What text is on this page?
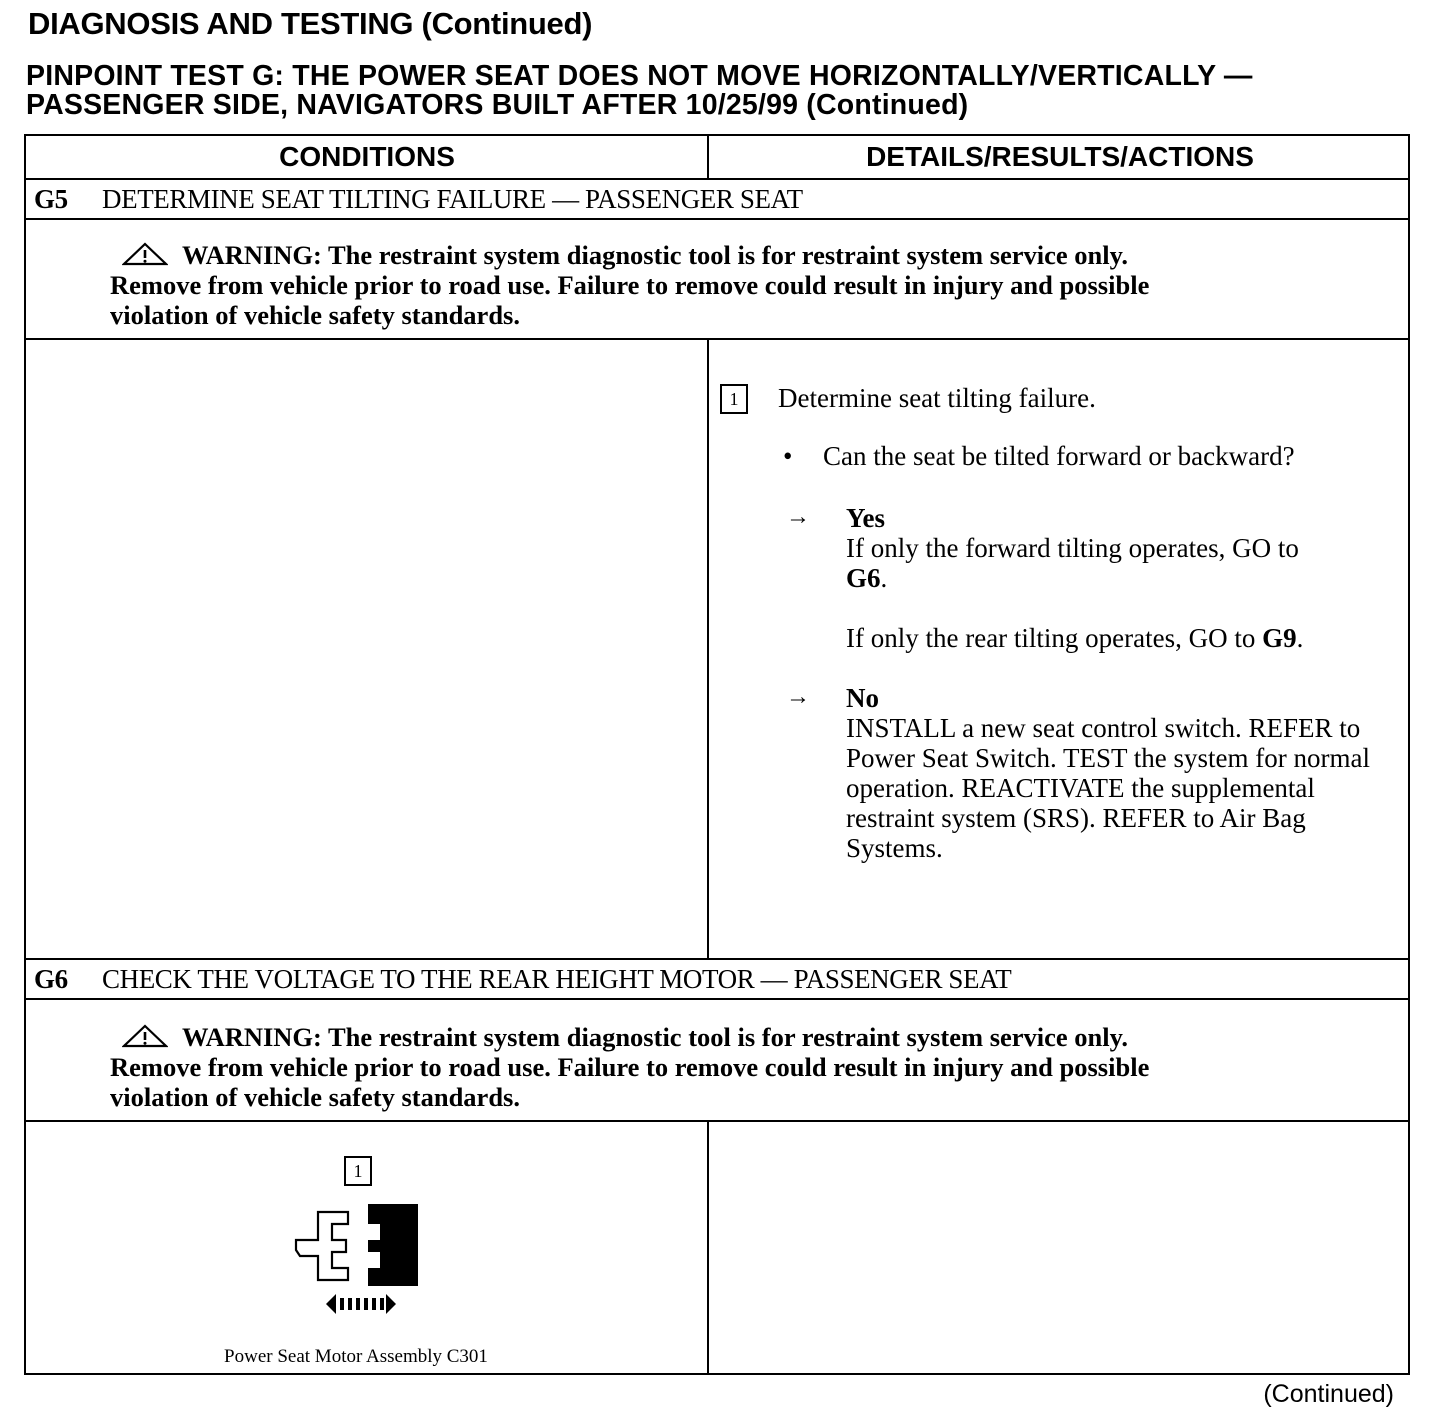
DIAGNOSIS AND TESTING (Continued)
PINPOINT TEST G: THE POWER SEAT DOES NOT MOVE HORIZONTALLY/VERTICALLY —
PASSENGER SIDE, NAVIGATORS BUILT AFTER 10/25/99 (Continued)
CONDITIONS	DETAILS/RESULTS/ACTIONS
G5 DETERMINE SEAT TILTING FAILURE — PASSENGER SEAT
WARNING: The restraint system diagnostic tool is for restraint system service only.
Remove from vehicle prior to road use. Failure to remove could result in injury and possible
violation of vehicle safety standards.
1 Determine seat tilting failure.
• Can the seat be tilted forward or backward?
→ Yes
If only the forward tilting operates, GO to
G6.

If only the rear tilting operates, GO to G9.
→ No
INSTALL a new seat control switch. REFER to Power Seat Switch. TEST the system for normal operation. REACTIVATE the supplemental restraint system (SRS). REFER to Air Bag Systems.
G6 CHECK THE VOLTAGE TO THE REAR HEIGHT MOTOR — PASSENGER SEAT
WARNING: The restraint system diagnostic tool is for restraint system service only.
Remove from vehicle prior to road use. Failure to remove could result in injury and possible
violation of vehicle safety standards.
1
Power Seat Motor Assembly C301
(Continued)
